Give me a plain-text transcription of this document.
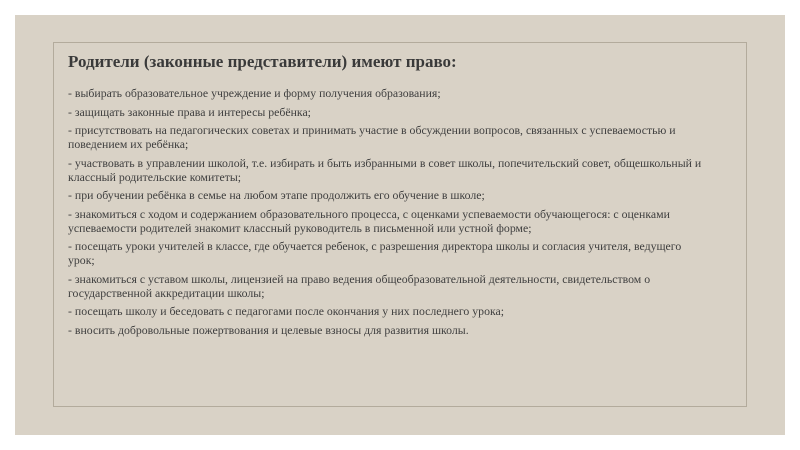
Родители (законные представители) имеют право:
- выбирать образовательное учреждение и форму получения образования;
- защищать законные права и интересы ребёнка;
- присутствовать на педагогических советах и принимать участие в обсуждении вопросов, связанных с успеваемостью и поведением их ребёнка;
- участвовать в управлении школой, т.е. избирать и быть избранными в совет школы, попечительский совет, общешкольный и классный родительские комитеты;
- при обучении ребёнка в семье на любом этапе продолжить его обучение в школе;
- знакомиться с ходом и содержанием образовательного процесса, с оценками успеваемости обучающегося: с оценками успеваемости родителей знакомит классный руководитель в письменной или устной форме;
- посещать уроки учителей в классе, где обучается ребенок, с разрешения директора школы и согласия учителя, ведущего урок;
- знакомиться с уставом школы, лицензией на право ведения общеобразовательной деятельности, свидетельством о государственной аккредитации школы;
- посещать школу и беседовать с педагогами после окончания у них последнего урока;
- вносить добровольные пожертвования и целевые взносы для развития школы.
